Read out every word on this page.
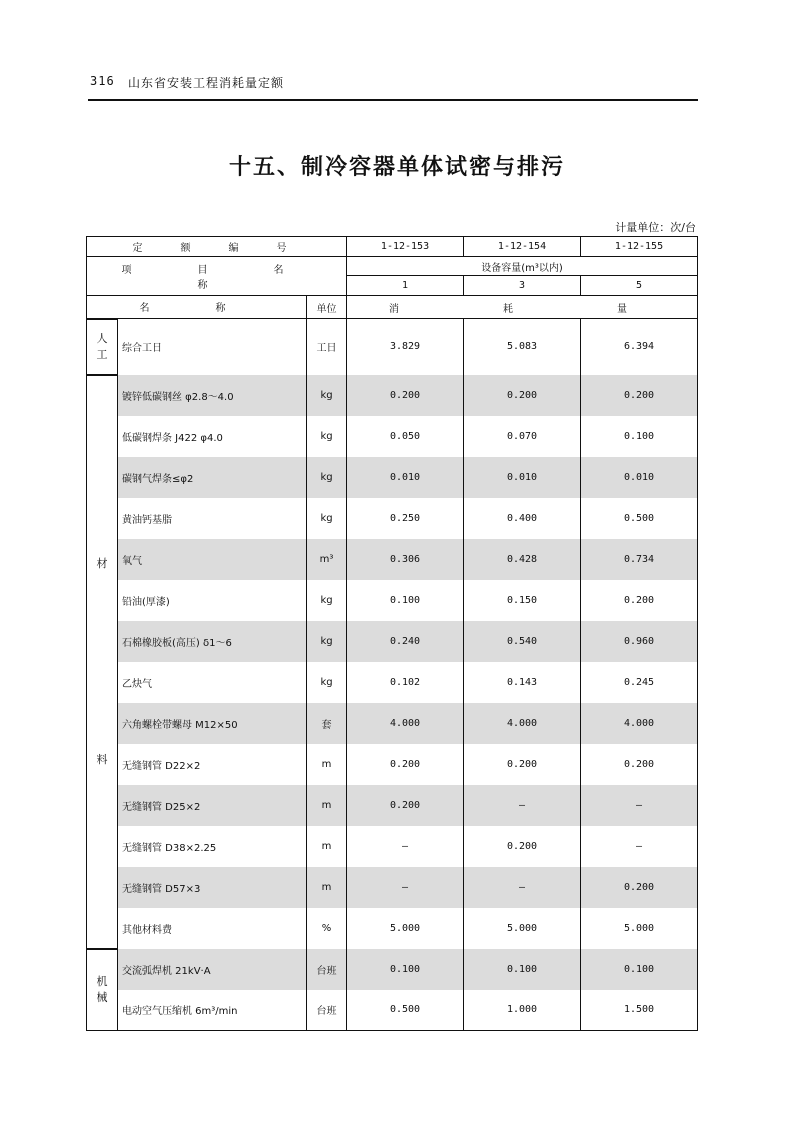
316 山东省安装工程消耗量定额
十五、制冷容器单体试密与排污
计量单位：次/台
定　额　编　号			1-12-153	1-12-154	1-12-155
项　目　名　称			设备容量(m³以内)		
			1	3	5
名　称		单位	消　　耗　　量		

人
工	综合工日	工日	3.829	5.083	6.394

材
料	镀锌低碳钢丝 φ2.8～4.0	kg	0.200	0.200	0.200
	低碳钢焊条 J422 φ4.0	kg	0.050	0.070	0.100
	碳钢气焊条≤φ2	kg	0.010	0.010	0.010
	黄油钙基脂	kg	0.250	0.400	0.500
	氧气	m³	0.306	0.428	0.734
	铅油(厚漆)	kg	0.100	0.150	0.200
	石棉橡胶板(高压) δ1～6	kg	0.240	0.540	0.960
	乙炔气	kg	0.102	0.143	0.245
	六角螺栓带螺母 M12×50	套	4.000	4.000	4.000
	无缝钢管 D22×2	m	0.200	0.200	0.200
	无缝钢管 D25×2	m	0.200	—	—
	无缝钢管 D38×2.25	m	—	0.200	—
	无缝钢管 D57×3	m	—	—	0.200
	其他材料费	%	5.000	5.000	5.000

机
械	交流弧焊机 21kV·A	台班	0.100	0.100	0.100
	电动空气压缩机 6m³/min	台班	0.500	1.000	1.500
